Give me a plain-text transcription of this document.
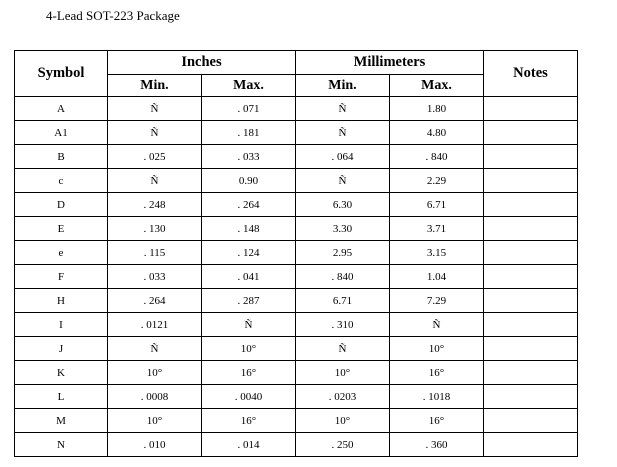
4-Lead SOT-223 Package
Symbol	Inches		Millimeters		Notes
	Min.	Max.	Min.	Max.	
A	Ñ	. 071	Ñ	1.80	
A1	Ñ	. 181	Ñ	4.80	
B	. 025	. 033	. 064	. 840	
c	Ñ	0.90	Ñ	2.29	
D	. 248	. 264	6.30	6.71	
E	. 130	. 148	3.30	3.71	
e	. 115	. 124	2.95	3.15	
F	. 033	. 041	. 840	1.04	
H	. 264	. 287	6.71	7.29	
I	. 0121	Ñ	. 310	Ñ	
J	Ñ	10°	Ñ	10°	
K	10°	16°	10°	16°	
L	. 0008	. 0040	. 0203	. 1018	
M	10°	16°	10°	16°	
N	. 010	. 014	. 250	. 360	
